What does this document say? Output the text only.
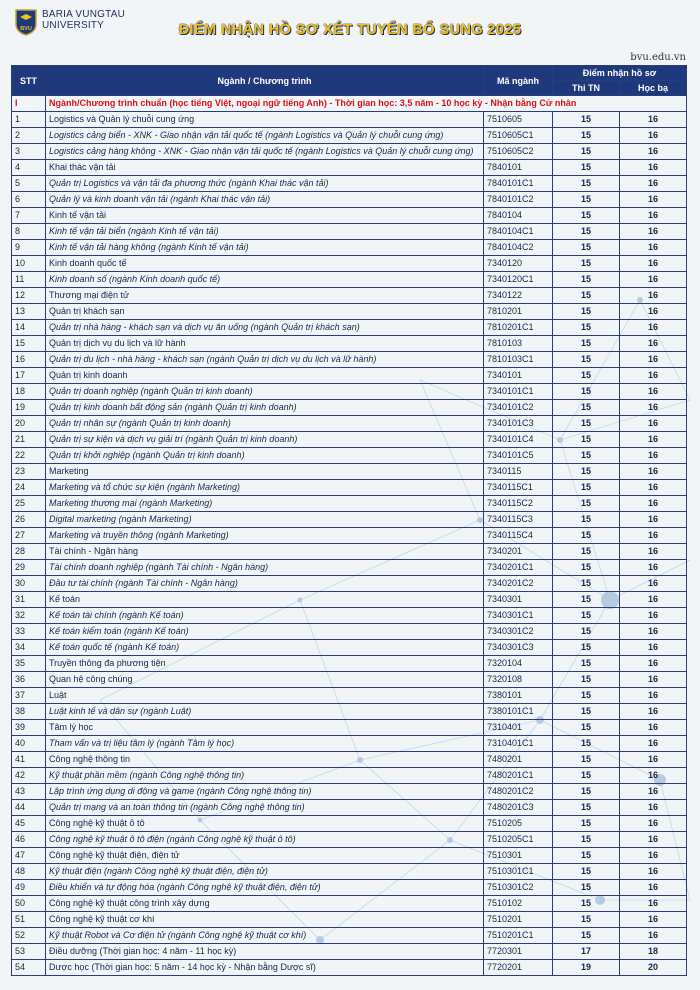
BVU
BARIA VUNGTAU
UNIVERSITY	ĐIỂM NHẬN HỒ SƠ XÉT TUYỂN BỔ SUNG 2025
bvu.edu.vn
STT	Ngành / Chương trình	Mã ngành	Điểm nhận hồ sơ	
			Thi TN	Học bạ
I	Ngành/Chương trình chuẩn (học tiếng Việt, ngoại ngữ tiếng Anh) - Thời gian học: 3,5 năm - 10 học kỳ - Nhận bằng Cử nhân			
1	Logistics và Quản lý chuỗi cung ứng	7510605	15	16
2	Logistics cảng biển - XNK - Giao nhận vận tải quốc tế (ngành Logistics và Quản lý chuỗi cung ứng)	7510605C1	15	16
3	Logistics cảng hàng không - XNK - Giao nhận vận tải quốc tế (ngành Logistics và Quản lý chuỗi cung ứng)	7510605C2	15	16
4	Khai thác vận tải	7840101	15	16
5	Quản trị Logistics và vận tải đa phương thức (ngành Khai thác vận tải)	7840101C1	15	16
6	Quản lý và kinh doanh vận tải (ngành Khai thác vận tải)	7840101C2	15	16
7	Kinh tế vận tải	7840104	15	16
8	Kinh tế vận tải biển (ngành Kinh tế vận tải)	7840104C1	15	16
9	Kinh tế vận tải hàng không (ngành Kinh tế vận tải)	7840104C2	15	16
10	Kinh doanh quốc tế	7340120	15	16
11	Kinh doanh số (ngành Kinh doanh quốc tế)	7340120C1	15	16
12	Thương mại điện tử	7340122	15	16
13	Quản trị khách sạn	7810201	15	16
14	Quản trị nhà hàng - khách sạn và dịch vụ ăn uống (ngành Quản trị khách sạn)	7810201C1	15	16
15	Quản trị dịch vụ du lịch và lữ hành	7810103	15	16
16	Quản trị du lịch - nhà hàng - khách sạn (ngành Quản trị dịch vụ du lịch và lữ hành)	7810103C1	15	16
17	Quản trị kinh doanh	7340101	15	16
18	Quản trị doanh nghiệp (ngành Quản trị kinh doanh)	7340101C1	15	16
19	Quản trị kinh doanh bất động sản (ngành Quản trị kinh doanh)	7340101C2	15	16
20	Quản trị nhân sự (ngành Quản trị kinh doanh)	7340101C3	15	16
21	Quản trị sự kiện và dịch vụ giải trí (ngành Quản trị kinh doanh)	7340101C4	15	16
22	Quản trị khởi nghiệp (ngành Quản trị kinh doanh)	7340101C5	15	16
23	Marketing	7340115	15	16
24	Marketing và tổ chức sự kiện (ngành Marketing)	7340115C1	15	16
25	Marketing thương mại (ngành Marketing)	7340115C2	15	16
26	Digital marketing (ngành Marketing)	7340115C3	15	16
27	Marketing và truyền thông (ngành Marketing)	7340115C4	15	16
28	Tài chính - Ngân hàng	7340201	15	16
29	Tài chính doanh nghiệp (ngành Tài chính - Ngân hàng)	7340201C1	15	16
30	Đầu tư tài chính (ngành Tài chính - Ngân hàng)	7340201C2	15	16
31	Kế toán	7340301	15	16
32	Kế toán tài chính (ngành Kế toán)	7340301C1	15	16
33	Kế toán kiểm toán (ngành Kế toán)	7340301C2	15	16
34	Kế toán quốc tế (ngành Kế toán)	7340301C3	15	16
35	Truyền thông đa phương tiện	7320104	15	16
36	Quan hệ công chúng	7320108	15	16
37	Luật	7380101	15	16
38	Luật kinh tế và dân sự (ngành Luật)	7380101C1	15	16
39	Tâm lý học	7310401	15	16
40	Tham vấn và trị liệu tâm lý (ngành Tâm lý học)	7310401C1	15	16
41	Công nghệ thông tin	7480201	15	16
42	Kỹ thuật phần mềm (ngành Công nghệ thông tin)	7480201C1	15	16
43	Lập trình ứng dụng di động và game (ngành Công nghệ thông tin)	7480201C2	15	16
44	Quản trị mạng và an toàn thông tin (ngành Công nghệ thông tin)	7480201C3	15	16
45	Công nghệ kỹ thuật ô tô	7510205	15	16
46	Công nghệ kỹ thuật ô tô điện (ngành Công nghệ kỹ thuật ô tô)	7510205C1	15	16
47	Công nghệ kỹ thuật điện, điện tử	7510301	15	16
48	Kỹ thuật điện (ngành Công nghệ kỹ thuật điện, điện tử)	7510301C1	15	16
49	Điều khiển và tự động hóa (ngành Công nghệ kỹ thuật điện, điện tử)	7510301C2	15	16
50	Công nghệ kỹ thuật công trình xây dựng	7510102	15	16
51	Công nghệ kỹ thuật cơ khí	7510201	15	16
52	Kỹ thuật Robot và Cơ điện tử (ngành Công nghệ kỹ thuật cơ khí)	7510201C1	15	16
53	Điều dưỡng (Thời gian học: 4 năm - 11 học kỳ)	7720301	17	18
54	Dược học (Thời gian học: 5 năm - 14 học kỳ - Nhận bằng Dược sĩ)	7720201	19	20
